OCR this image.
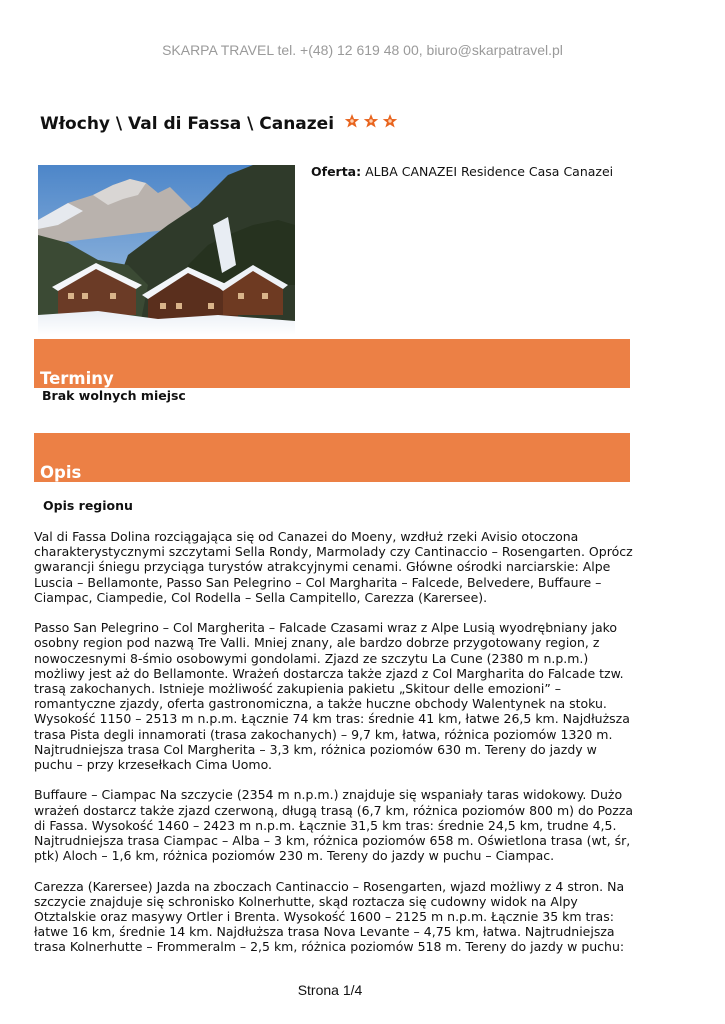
SKARPA TRAVEL tel. +(48) 12 619 48 00, biuro@skarpatravel.pl
Włochy \ Val di Fassa \ Canazei
Oferta: ALBA CANAZEI Residence Casa Canazei
Terminy
Brak wolnych miejsc
Opis
Opis regionu

Val di Fassa Dolina rozciągająca się od Canazei do Moeny, wzdłuż rzeki Avisio otoczona charakterystycznymi szczytami Sella Rondy, Marmolady czy Cantinaccio – Rosengarten. Oprócz gwarancji śniegu przyciąga turystów atrakcyjnymi cenami. Główne ośrodki narciarskie: Alpe Luscia – Bellamonte, Passo San Pelegrino – Col Margharita – Falcede, Belvedere, Buffaure – Ciampac, Ciampedie, Col Rodella – Sella Campitello, Carezza (Karersee).

Passo San Pelegrino – Col Margherita – Falcade Czasami wraz z Alpe Lusią wyodrębniany jako osobny region pod nazwą Tre Valli. Mniej znany, ale bardzo dobrze przygotowany region, z nowoczesnymi 8-śmio osobowymi gondolami. Zjazd ze szczytu La Cune (2380 m n.p.m.) możliwy jest aż do Bellamonte. Wrażeń dostarcza także zjazd z Col Margharita do Falcade tzw. trasą zakochanych. Istnieje możliwość zakupienia pakietu „Skitour delle emozioni” – romantyczne zjazdy, oferta gastronomiczna, a także huczne obchody Walentynek na stoku. Wysokość 1150 – 2513 m n.p.m. Łącznie 74 km tras: średnie 41 km, łatwe 26,5 km. Najdłuższa trasa Pista degli innamorati (trasa zakochanych) – 9,7 km, łatwa, różnica poziomów 1320 m. Najtrudniejsza trasa Col Margherita – 3,3 km, różnica poziomów 630 m. Tereny do jazdy w puchu – przy krzesełkach Cima Uomo.

Buffaure – Ciampac Na szczycie (2354 m n.p.m.) znajduje się wspaniały taras widokowy. Dużo wrażeń dostarcz także zjazd czerwoną, długą trasą (6,7 km, różnica poziomów 800 m) do Pozza di Fassa. Wysokość 1460 – 2423 m n.p.m. Łącznie 31,5 km tras: średnie 24,5 km, trudne 4,5. Najtrudniejsza trasa Ciampac – Alba – 3 km, różnica poziomów 658 m. Oświetlona trasa (wt, śr, ptk) Aloch – 1,6 km, różnica poziomów 230 m. Tereny do jazdy w puchu – Ciampac.

Carezza (Karersee) Jazda na zboczach Cantinaccio – Rosengarten, wjazd możliwy z 4 stron. Na szczycie znajduje się schronisko Kolnerhutte, skąd roztacza się cudowny widok na Alpy Otztalskie oraz masywy Ortler i Brenta. Wysokość 1600 – 2125 m n.p.m. Łącznie 35 km tras: łatwe 16 km, średnie 14 km. Najdłuższa trasa Nova Levante – 4,75 km, łatwa. Najtrudniejsza trasa Kolnerhutte – Frommeralm – 2,5 km, różnica poziomów 518 m. Tereny do jazdy w puchu:

Strona 1/4
